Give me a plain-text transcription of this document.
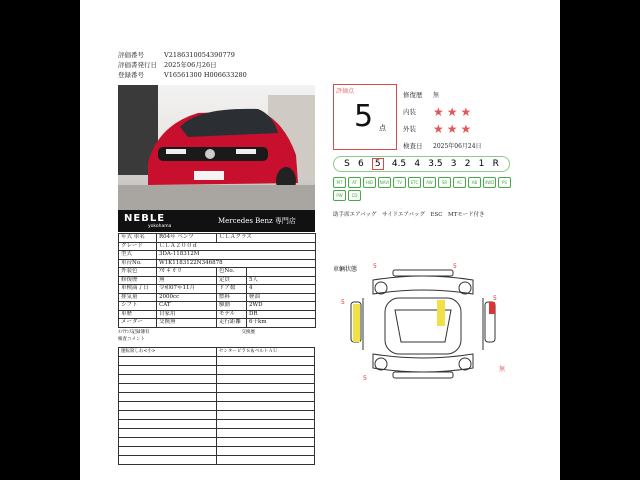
評価番号	V2186310054390779
評価書発行日	2025年06月26日
登録番号	V16561300 H006633280
NEBLE
yokohama
Mercedes Benz 専門店
年式 車名	R04年 ベンツ	ＣＬＡクラス	
グレード	ＣＬＡ２００ｄ		
型式	3DA-118312M		
車台No.	W1K1183122N346878		
外装色	ｱｶﾞｷﾞｶﾞﾛ	色No.	
修復歴	無	定員	5人
車検満了日	令和07年11月	ドア数	4
排気量	2000cc	燃料	軽油
シフト	CAT	駆動	2WD
車歴	自家用	モデル	DR
メーター	交換無	走行距離	6千km
ﾒﾝﾃﾅﾝｽ記録簿有	交換歴
検査コメント
運転席しわ<小>	センターピラＳ＆ベルトＡＵ

評価点
5 点
修復歴	無
内装	★ ★ ★
外装	★ ★ ★
検査日	2025年06月24日
S 6	5	4.5 4 3.5 3 2 1 R
MT	AT	HID	NAVI	TV	ETC	AW	SR	AC	AB	4WD	PS
PW	CD
助手席エアバッグ　サイドエアバッグ　ESC　MTモード付き
車輌状態	5
5
5
5
5
無
